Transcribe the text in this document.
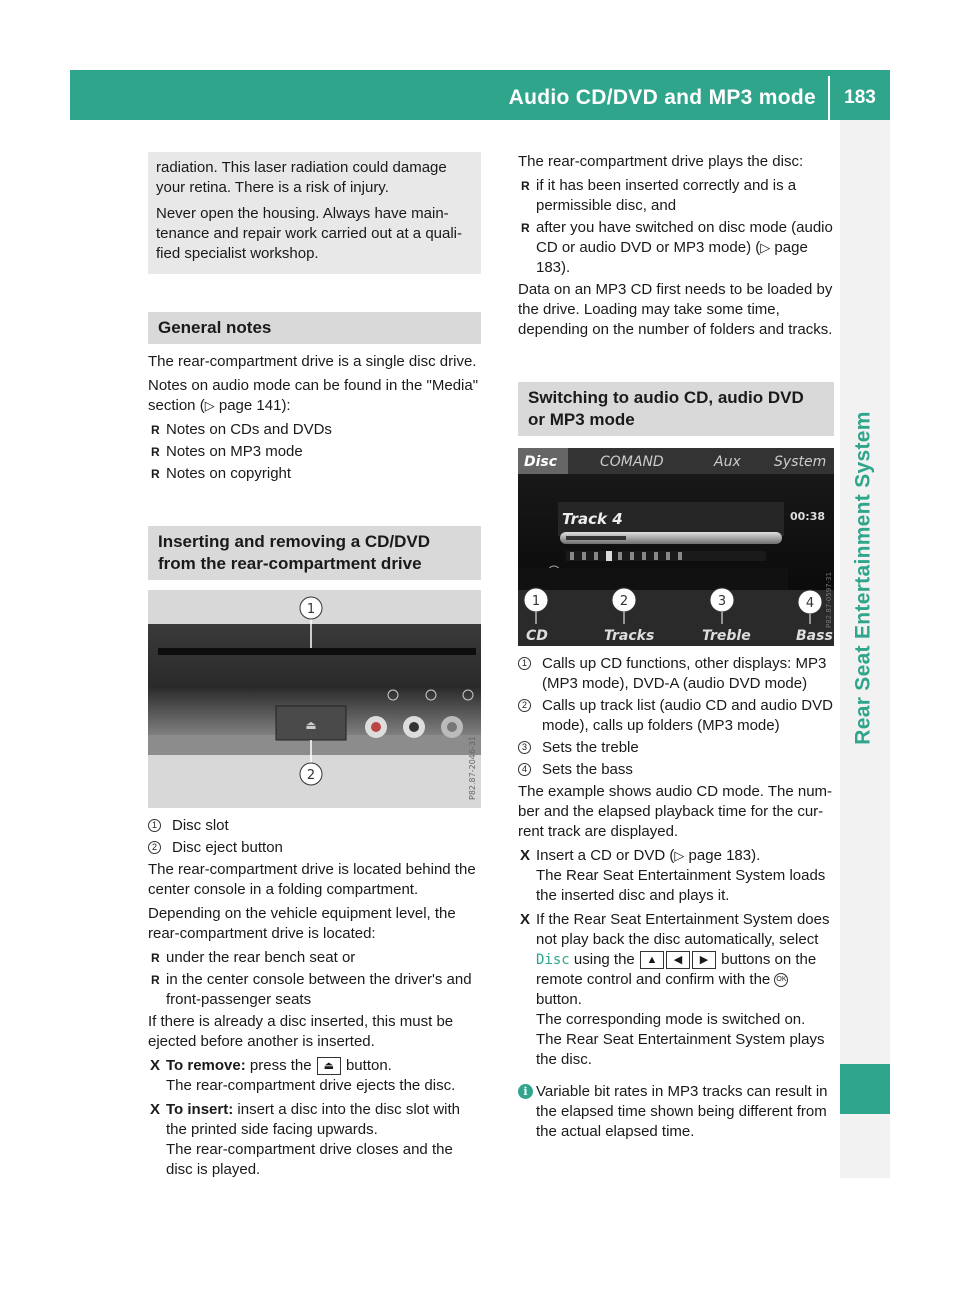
Audio CD/DVD and MP3 mode	183
Rear Seat Entertainment System

radiation. This laser radiation could damage your retina. There is a risk of injury.

Never open the housing. Always have main-tenance and repair work carried out at a quali-fied specialist workshop.

General notes

The rear-compartment drive is a single disc drive.

Notes on audio mode can be found in the "Media" section (▷ page 141):

R Notes on CDs and DVDs
R Notes on MP3 mode
R Notes on copyright
Inserting and removing a CD/DVD from the rear-compartment drive
⏏
1
2	P82.87-2046-31
1 Disc slot
2 Disc eject button

The rear-compartment drive is located behind the center console in a folding compartment.

Depending on the vehicle equipment level, the rear-compartment drive is located:

R under the rear bench seat or
R in the center console between the driver's and front-passenger seats

If there is already a disc inserted, this must be ejected before another is inserted.

X To remove: press the ⏏ button.
The rear-compartment drive ejects the disc.
X To insert: insert a disc into the disc slot with the printed side facing upwards.
The rear-compartment drive closes and the disc is played.

The rear-compartment drive plays the disc:

R if it has been inserted correctly and is a permissible disc, and
R after you have switched on disc mode (audio CD or audio DVD or MP3 mode) (▷ page 183).

Data on an MP3 CD first needs to be loaded by the drive. Loading may take some time, depending on the number of folders and tracks.

Switching to audio CD, audio DVD or MP3 mode
Disc	COMAND	Aux System
Track 4	00:38
1	2	3	4
CD	Tracks	Treble	Bass
P82.87-0597-31
1 Calls up CD functions, other displays: MP3 (MP3 mode), DVD-A (audio DVD mode)
2 Calls up track list (audio CD and audio DVD mode), calls up folders (MP3 mode)
3 Sets the treble
4 Sets the bass

The example shows audio CD mode. The num-ber and the elapsed playback time for the cur-rent track are displayed.

X Insert a CD or DVD (▷ page 183).
The Rear Seat Entertainment System loads the inserted disc and plays it.
X If the Rear Seat Entertainment System does not play back the disc automatically, select
Disc using the ▲ ◀ ▶ buttons on the remote control and confirm with the OK
button.
The corresponding mode is switched on. The Rear Seat Entertainment System plays the disc.
i Variable bit rates in MP3 tracks can result in the elapsed time shown being different from the actual elapsed time.
